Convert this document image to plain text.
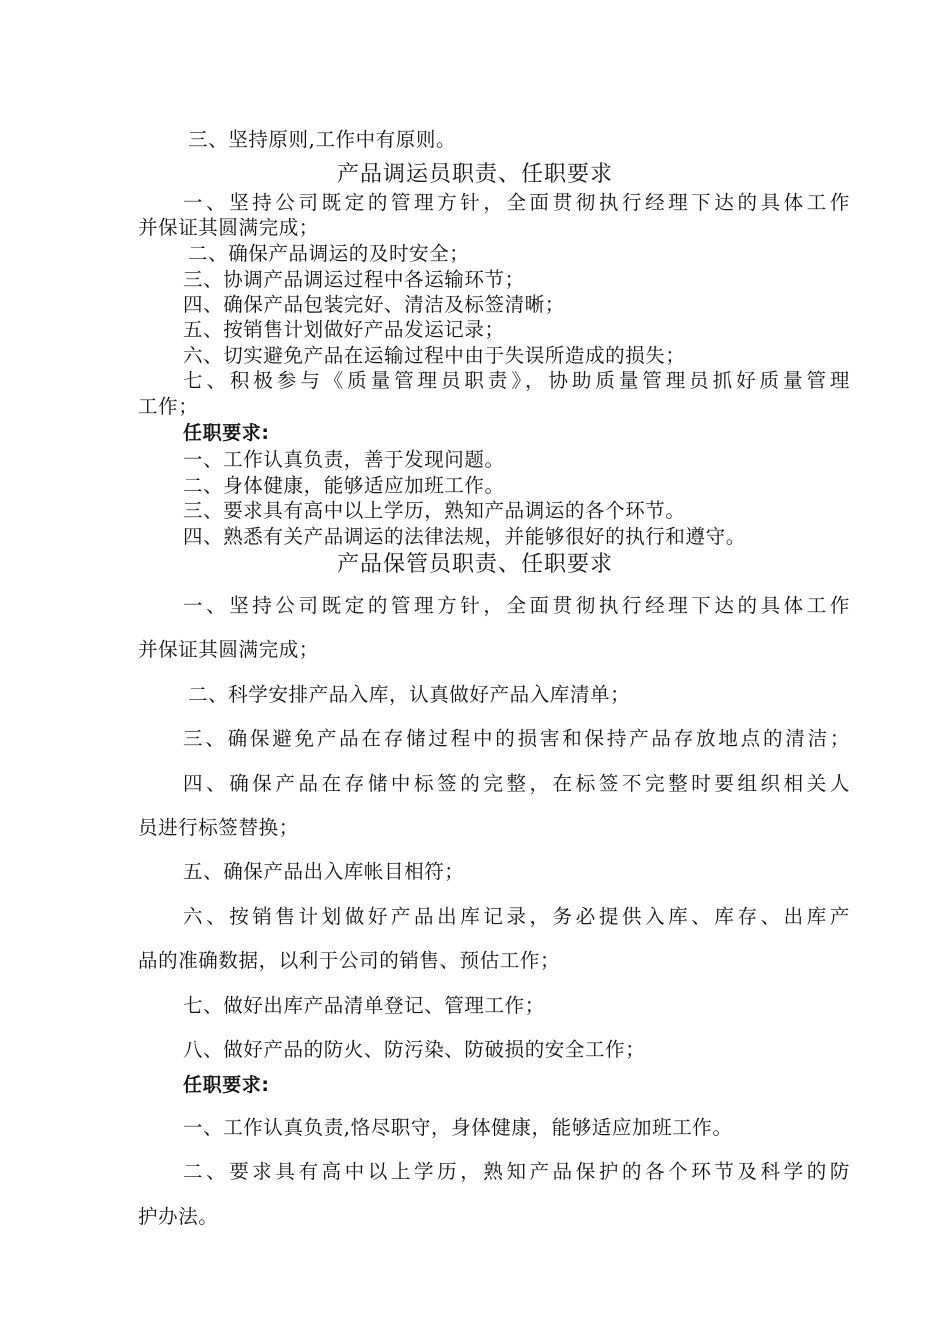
三、坚持原则,工作中有原则。
产品调运员职责、任职要求
一、坚持公司既定的管理方针，全面贯彻执行经理下达的具体工作
并保证其圆满完成；
二、确保产品调运的及时安全；
三、协调产品调运过程中各运输环节；
四、确保产品包装完好、清洁及标签清晰；
五、按销售计划做好产品发运记录；
六、切实避免产品在运输过程中由于失误所造成的损失；
七、积极参与《质量管理员职责》，协助质量管理员抓好质量管理
工作；
任职要求:
一、工作认真负责，善于发现问题。
二、身体健康，能够适应加班工作。
三、要求具有高中以上学历，熟知产品调运的各个环节。
四、熟悉有关产品调运的法律法规，并能够很好的执行和遵守。
产品保管员职责、任职要求
一、坚持公司既定的管理方针，全面贯彻执行经理下达的具体工作
并保证其圆满完成；
二、科学安排产品入库，认真做好产品入库清单；
三、确保避免产品在存储过程中的损害和保持产品存放地点的清洁；
四、确保产品在存储中标签的完整，在标签不完整时要组织相关人
员进行标签替换；
五、确保产品出入库帐目相符；
六、按销售计划做好产品出库记录，务必提供入库、库存、出库产
品的准确数据，以利于公司的销售、预估工作；
七、做好出库产品清单登记、管理工作；
八、做好产品的防火、防污染、防破损的安全工作；
任职要求:
一、工作认真负责,恪尽职守，身体健康，能够适应加班工作。
二、要求具有高中以上学历，熟知产品保护的各个环节及科学的防
护办法。
